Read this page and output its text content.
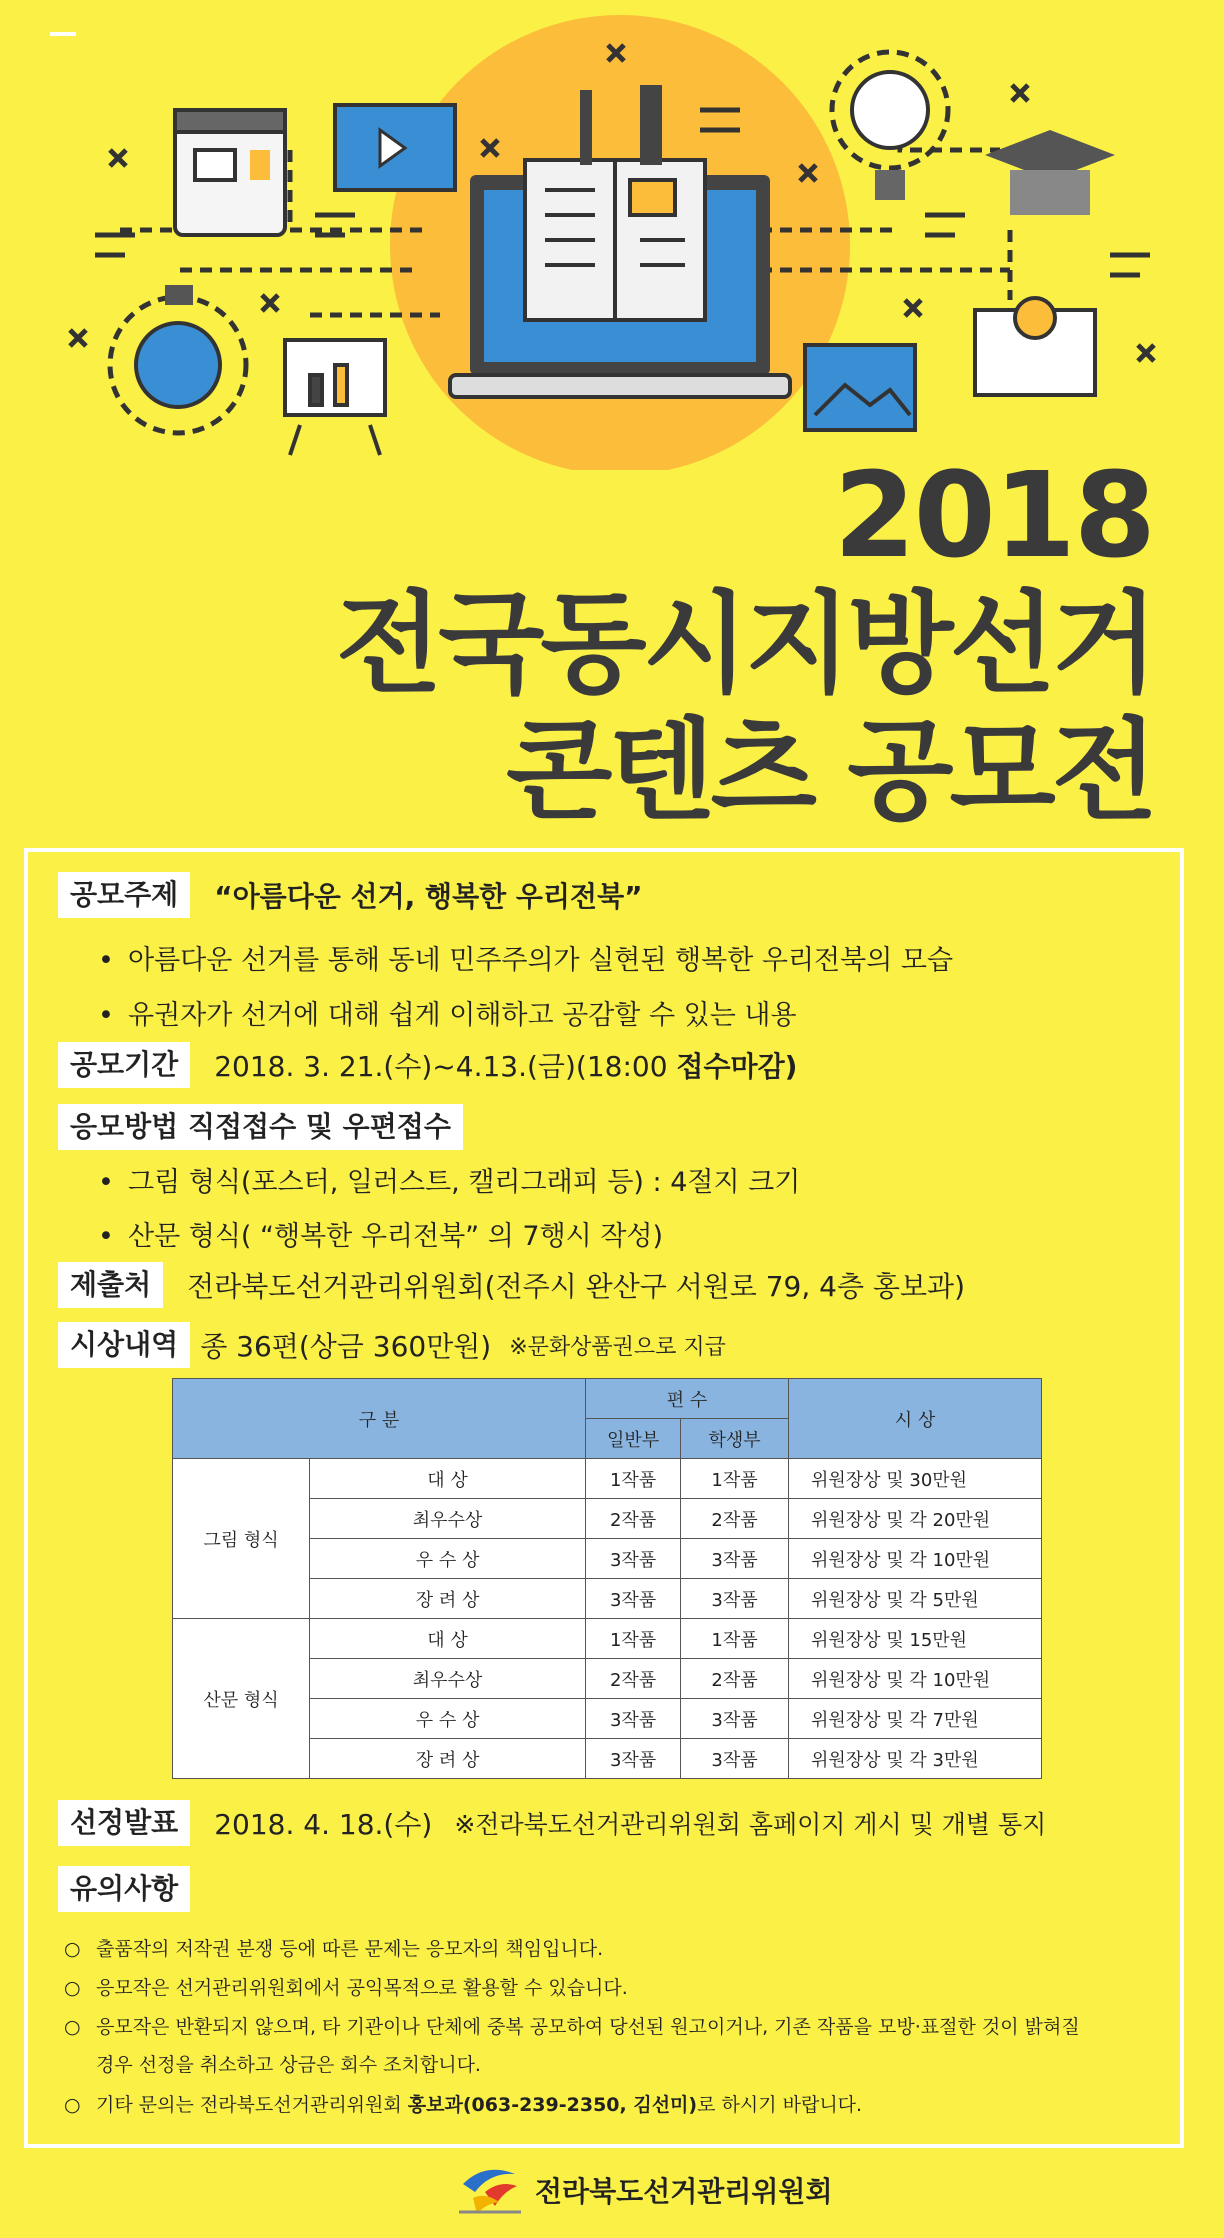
2018
전국동시지방선거
콘텐츠 공모전
공모주제	“아름다운 선거, 행복한 우리전북”
• 아름다운 선거를 통해 동네 민주주의가 실현된 행복한 우리전북의 모습
• 유권자가 선거에 대해 쉽게 이해하고 공감할 수 있는 내용
공모기간	2018. 3. 21.(수)~4.13.(금)(18:00 접수마감)
응모방법 직접접수 및 우편접수
• 그림 형식(포스터, 일러스트, 캘리그래피 등) : 4절지 크기
• 산문 형식( “행복한 우리전북” 의 7행시 작성)
제출처	전라북도선거관리위원회(전주시 완산구 서원로 79, 4층 홍보과)
시상내역 종 36편(상금 360만원) ※문화상품권으로 지급
구 분		편 수		시 상
		일반부	학생부	
그림 형식	대 상	1작품	1작품	위원장상 및 30만원
	최우수상	2작품	2작품	위원장상 및 각 20만원
	우 수 상	3작품	3작품	위원장상 및 각 10만원
	장 려 상	3작품	3작품	위원장상 및 각 5만원
산문 형식	대 상	1작품	1작품	위원장상 및 15만원
	최우수상	2작품	2작품	위원장상 및 각 10만원
	우 수 상	3작품	3작품	위원장상 및 각 7만원
	장 려 상	3작품	3작품	위원장상 및 각 3만원
선정발표	2018. 4. 18.(수) ※전라북도선거관리위원회 홈페이지 게시 및 개별 통지
유의사항
○ 출품작의 저작권 분쟁 등에 따른 문제는 응모자의 책임입니다.
○ 응모작은 선거관리위원회에서 공익목적으로 활용할 수 있습니다.
○ 응모작은 반환되지 않으며, 타 기관이나 단체에 중복 공모하여 당선된 원고이거나, 기존 작품을 모방·표절한 것이 밝혀질
경우 선정을 취소하고 상금은 회수 조치합니다.
○ 기타 문의는 전라북도선거관리위원회 홍보과(063-239-2350, 김선미)로 하시기 바랍니다.
전라북도선거관리위원회
